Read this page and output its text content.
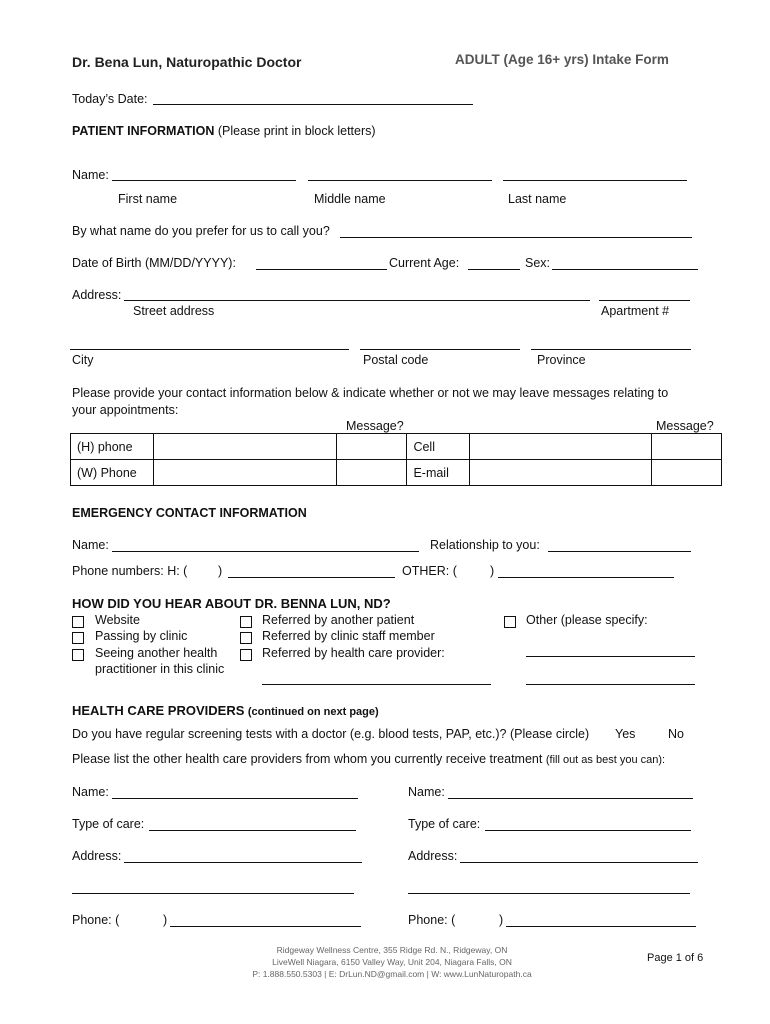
Dr. Bena Lun, Naturopathic Doctor	ADULT (Age 16+ yrs) Intake Form
Today’s Date:
PATIENT INFORMATION (Please print in block letters)
Name:
First name	Middle name	Last name
By what name do you prefer for us to call you?
Date of Birth (MM/DD/YYYY):	Current Age:	Sex:
Address:
Street address	Apartment #
City	Postal code	Province
Please provide your contact information below & indicate whether or not we may leave messages relating to
your appointments:
Message?	Message?
(H) phone			Cell		
(W) Phone			E-mail		
EMERGENCY CONTACT INFORMATION
Name:	Relationship to you:
Phone numbers: H: ( )	OTHER: (	)
HOW DID YOU HEAR ABOUT DR. BENNA LUN, ND?
Website
Passing by clinic
Seeing another health
practitioner in this clinic
Referred by another patient
Referred by clinic staff member
Referred by health care provider:
Other (please specify:
HEALTH CARE PROVIDERS (continued on next page)
Do you have regular screening tests with a doctor (e.g. blood tests, PAP, etc.)? (Please circle) Yes	No
Please list the other health care providers from whom you currently receive treatment (fill out as best you can):
Name:
Type of care:
Address:
Phone: (	)
Name:
Type of care:
Address:
Phone: (	)
Ridgeway Wellness Centre, 355 Ridge Rd. N., Ridgeway, ON
LiveWell Niagara, 6150 Valley Way, Unit 204, Niagara Falls, ON
P: 1.888.550.5303 | E: DrLun.ND@gmail.com | W: www.LunNaturopath.ca
Page 1 of 6
